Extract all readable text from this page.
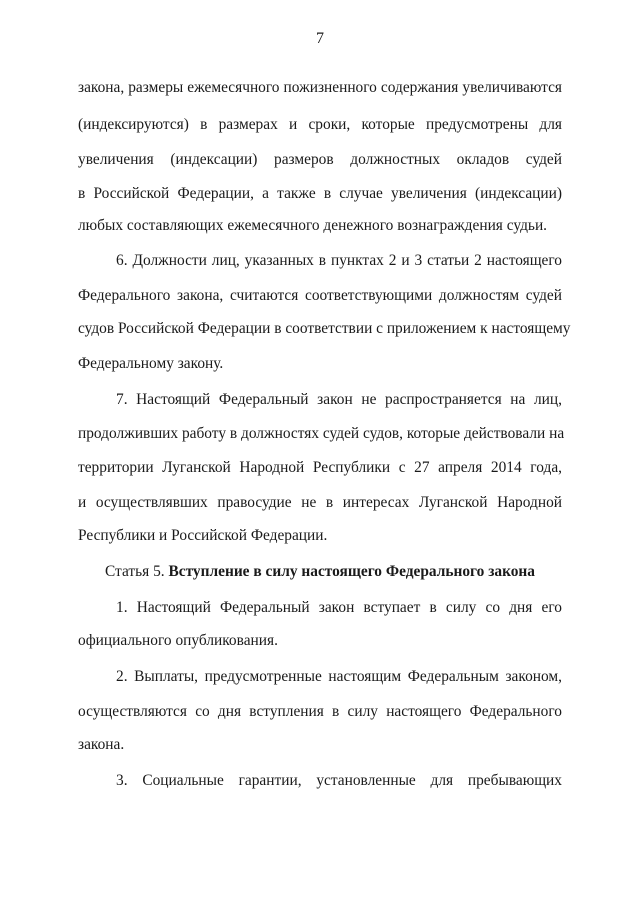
7
закона, размеры ежемесячного пожизненного содержания увеличиваются
(индексируются) в размерах и сроки, которые предусмотрены для
увеличения (индексации) размеров должностных окладов судей
в Российской Федерации, а также в случае увеличения (индексации)
любых составляющих ежемесячного денежного вознаграждения судьи.
6. Должности лиц, указанных в пунктах 2 и 3 статьи 2 настоящего
Федерального закона, считаются соответствующими должностям судей
судов Российской Федерации в соответствии с приложением к настоящему
Федеральному закону.
7. Настоящий Федеральный закон не распространяется на лиц,
продолживших работу в должностях судей судов, которые действовали на
территории Луганской Народной Республики с 27 апреля 2014 года,
и осуществлявших правосудие не в интересах Луганской Народной
Республики и Российской Федерации.
Статья 5. Вступление в силу настоящего Федерального закона
1. Настоящий Федеральный закон вступает в силу со дня его
официального опубликования.
2. Выплаты, предусмотренные настоящим Федеральным законом,
осуществляются со дня вступления в силу настоящего Федерального
закона.
3. Социальные гарантии, установленные для пребывающих
